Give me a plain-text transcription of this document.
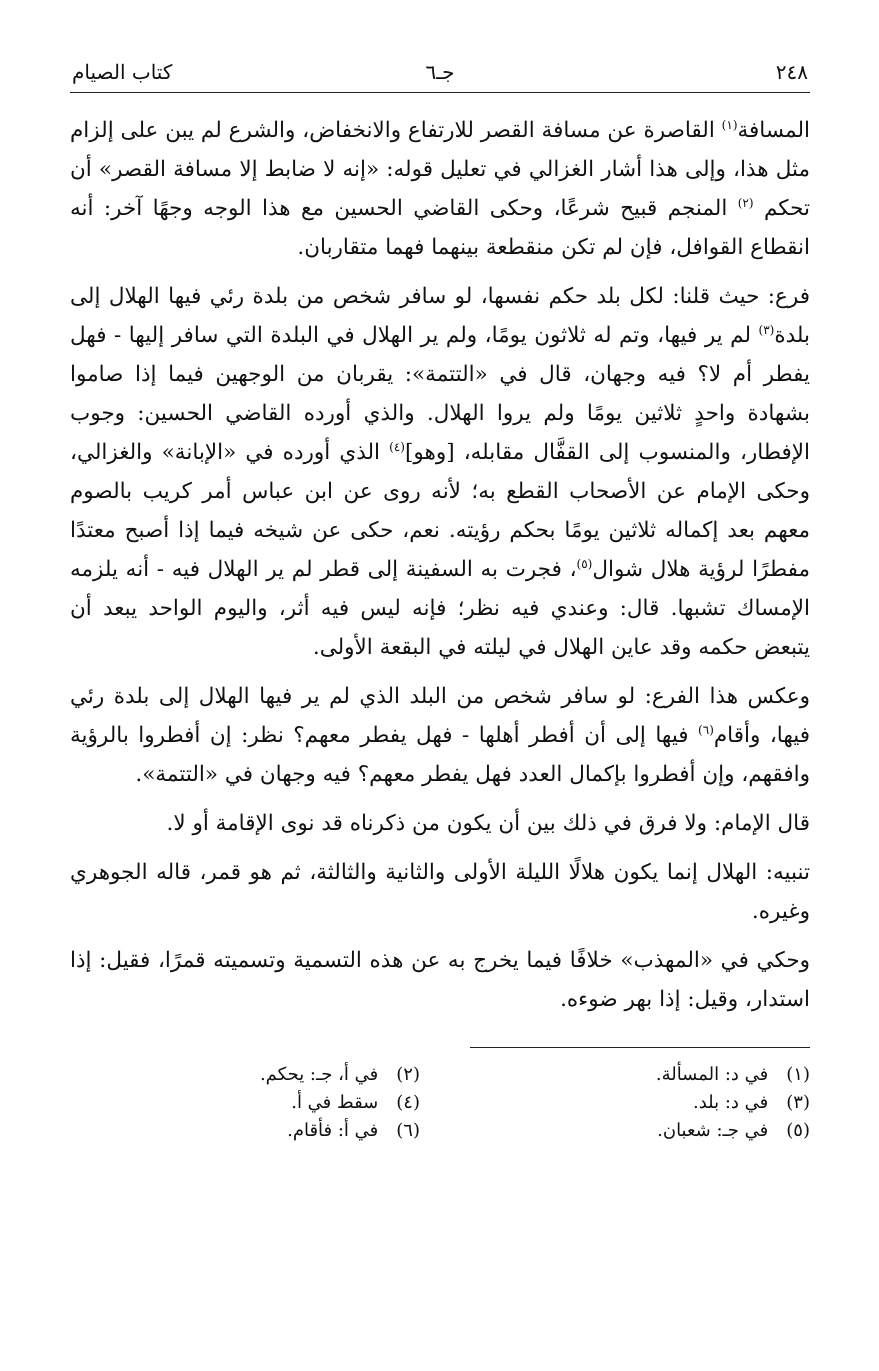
٢٤٨
جـ٦
كتاب الصيام

المسافة$^{(١)}$ القاصرة عن مسافة القصر للارتفاع والانخفاض، والشرع لم يبن على إلزام مثل هذا، وإلى هذا أشار الغزالي في تعليل قوله: «إنه لا ضابط إلا مسافة القصر» أن تحكم $^{(٢)}$ المنجم قبيح شرعًا، وحكى القاضي الحسين مع هذا الوجه وجهًا آخر: أنه انقطاع القوافل، فإن لم تكن منقطعة بينهما فهما متقاربان.

فرع: حيث قلنا: لكل بلد حكم نفسها، لو سافر شخص من بلدة رئي فيها الهلال إلى بلدة$^{(٣)}$ لم ير فيها، وتم له ثلاثون يومًا، ولم ير الهلال في البلدة التي سافر إليها - فهل يفطر أم لا؟ فيه وجهان، قال في «التتمة»: يقربان من الوجهين فيما إذا صاموا بشهادة واحدٍ ثلاثين يومًا ولم يروا الهلال. والذي أورده القاضي الحسين: وجوب الإفطار، والمنسوب إلى القفَّال مقابله، [وهو]$^{(٤)}$ الذي أورده في «الإبانة» والغزالي، وحكى الإمام عن الأصحاب القطع به؛ لأنه روى عن ابن عباس أمر كريب بالصوم معهم بعد إكماله ثلاثين يومًا بحكم رؤيته. نعم، حكى عن شيخه فيما إذا أصبح معتدًا مفطرًا لرؤية هلال شوال$^{(٥)}$، فجرت به السفينة إلى قطر لم ير الهلال فيه - أنه يلزمه الإمساك تشبها. قال: وعندي فيه نظر؛ فإنه ليس فيه أثر، واليوم الواحد يبعد أن يتبعض حكمه وقد عاين الهلال في ليلته في البقعة الأولى.

وعكس هذا الفرع: لو سافر شخص من البلد الذي لم ير فيها الهلال إلى بلدة رئي فيها، وأقام$^{(٦)}$ فيها إلى أن أفطر أهلها - فهل يفطر معهم؟ نظر: إن أفطروا بالرؤية وافقهم، وإن أفطروا بإكمال العدد فهل يفطر معهم؟ فيه وجهان في «التتمة».

قال الإمام: ولا فرق في ذلك بين أن يكون من ذكرناه قد نوى الإقامة أو لا.

تنبيه: الهلال إنما يكون هلالًا الليلة الأولى والثانية والثالثة، ثم هو قمر، قاله الجوهري وغيره.

وحكي في «المهذب» خلافًا فيما يخرج به عن هذه التسمية وتسميته قمرًا، فقيل: إذا استدار، وقيل: إذا بهر ضوءه.

(١) في د: المسألة.
(٢) في أ، جـ: يحكم.
(٣) في د: بلد.
(٤) سقط في أ.
(٥) في جـ: شعبان.
(٦) في أ: فأقام.
